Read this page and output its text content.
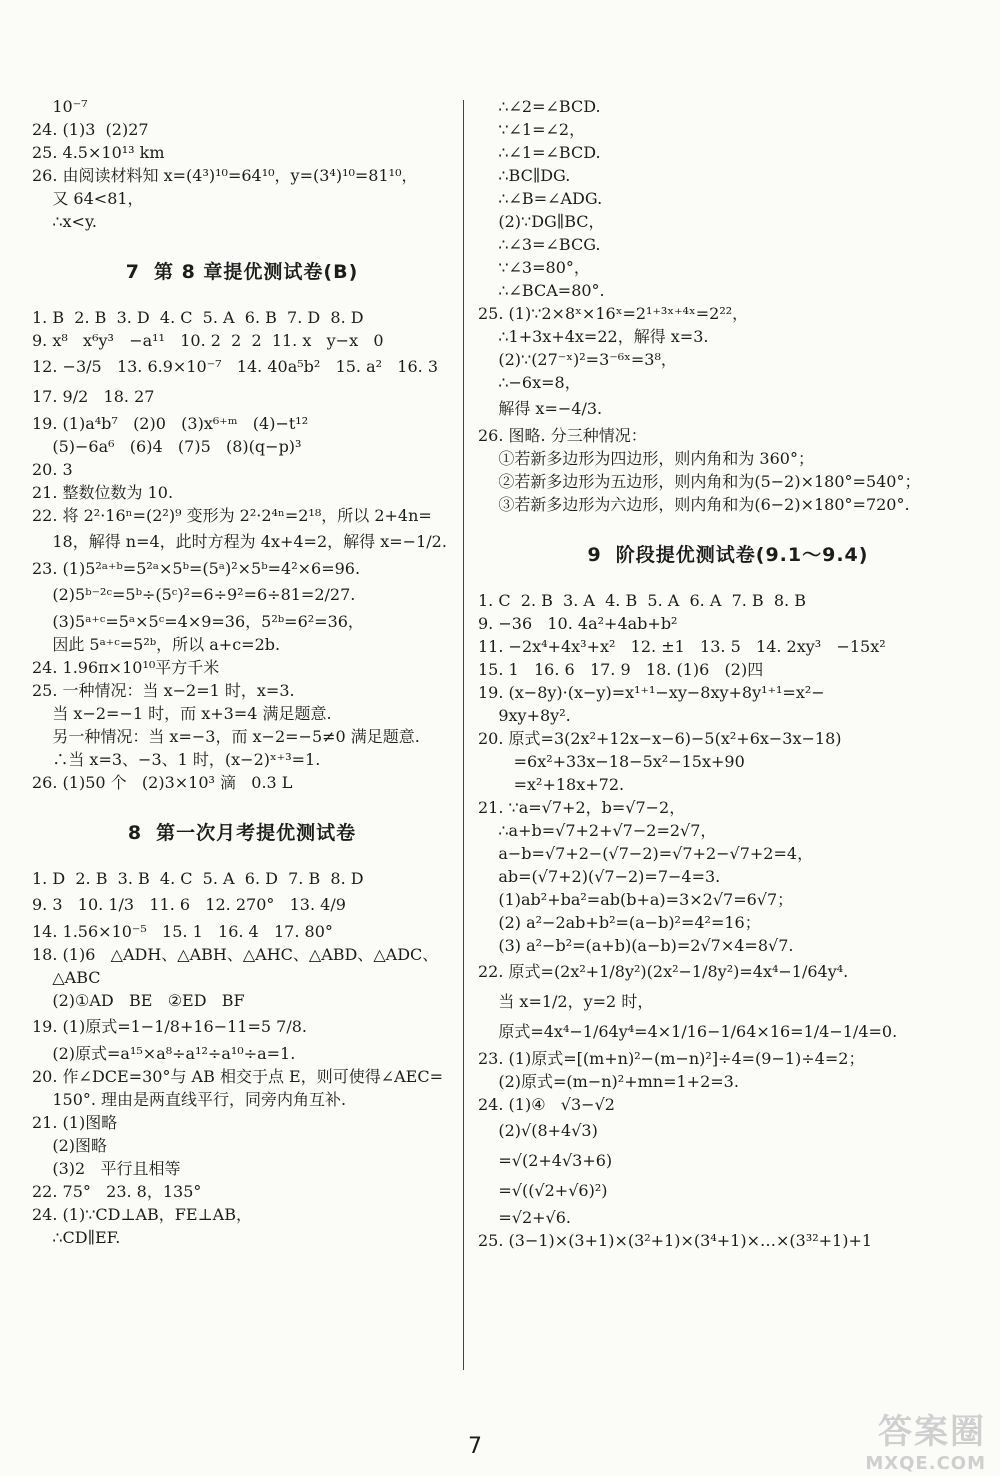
10⁻⁷
24. (1)3  (2)27
25. 4.5×10¹³ km
26. 由阅读材料知 x=(4³)¹⁰=64¹⁰，y=(3⁴)¹⁰=81¹⁰，
又 64<81，
∴x<y.
7 第 8 章提优测试卷(B)
1. B  2. B  3. D  4. C  5. A  6. B  7. D  8. D
9. x⁸   x⁶y³   −a¹¹   10. 2  2  2  11. x   y−x   0
12. −3/5   13. 6.9×10⁻⁷   14. 40a⁵b²   15. a²   16. 3
17. 9/2   18. 27
19. (1)a⁴b⁷   (2)0   (3)x⁶⁺ᵐ   (4)−t¹²
(5)−6a⁶   (6)4   (7)5   (8)(q−p)³
20. 3
21. 整数位数为 10.
22. 将 2²·16ⁿ=(2²)⁹ 变形为 2²·2⁴ⁿ=2¹⁸，所以 2+4n=
18，解得 n=4，此时方程为 4x+4=2，解得 x=−1/2.
23. (1)5²ᵃ⁺ᵇ=5²ᵃ×5ᵇ=(5ᵃ)²×5ᵇ=4²×6=96.
(2)5ᵇ⁻²ᶜ=5ᵇ÷(5ᶜ)²=6÷9²=6÷81=2/27.
(3)5ᵃ⁺ᶜ=5ᵃ×5ᶜ=4×9=36，5²ᵇ=6²=36，
因此 5ᵃ⁺ᶜ=5²ᵇ，所以 a+c=2b.
24. 1.96π×10¹⁰平方千米
25. 一种情况：当 x−2=1 时，x=3.
当 x−2=−1 时，而 x+3=4 满足题意.
另一种情况：当 x=−3，而 x−2=−5≠0 满足题意.
∴当 x=3、−3、1 时，(x−2)ˣ⁺³=1.
26. (1)50 个   (2)3×10³ 滴   0.3 L
8 第一次月考提优测试卷
1. D  2. B  3. B  4. C  5. A  6. D  7. B  8. D
9. 3   10. 1/3   11. 6   12. 270°   13. 4/9
14. 1.56×10⁻⁵   15. 1   16. 4   17. 80°
18. (1)6   △ADH、△ABH、△AHC、△ABD、△ADC、
△ABC
(2)①AD   BE   ②ED   BF
19. (1)原式=1−1/8+16−11=5 7/8.
(2)原式=a¹⁵×a⁸÷a¹²÷a¹⁰÷a=1.
20. 作∠DCE=30°与 AB 相交于点 E，则可使得∠AEC=
150°. 理由是两直线平行，同旁内角互补.
21. (1)图略
(2)图略
(3)2   平行且相等
22. 75°   23. 8，135°
24. (1)∵CD⊥AB，FE⊥AB，
∴CD∥EF.
∴∠2=∠BCD.
∵∠1=∠2，
∴∠1=∠BCD.
∴BC∥DG.
∴∠B=∠ADG.
(2)∵DG∥BC，
∴∠3=∠BCG.
∵∠3=80°，
∴∠BCA=80°.
25. (1)∵2×8ˣ×16ˣ=2¹⁺³ˣ⁺⁴ˣ=2²²，
∴1+3x+4x=22，解得 x=3.
(2)∵(27⁻ˣ)²=3⁻⁶ˣ=3⁸，
∴−6x=8，
解得 x=−4/3.
26. 图略. 分三种情况：
①若新多边形为四边形，则内角和为 360°；
②若新多边形为五边形，则内角和为(5−2)×180°=540°；
③若新多边形为六边形，则内角和为(6−2)×180°=720°.
9 阶段提优测试卷(9.1～9.4)
1. C  2. B  3. A  4. B  5. A  6. A  7. B  8. B
9. −36   10. 4a²+4ab+b²
11. −2x⁴+4x³+x²   12. ±1   13. 5   14. 2xy³   −15x²
15. 1   16. 6   17. 9   18. (1)6   (2)四
19. (x−8y)·(x−y)=x¹⁺¹−xy−8xy+8y¹⁺¹=x²−
9xy+8y².
20. 原式=3(2x²+12x−x−6)−5(x²+6x−3x−18)
=6x²+33x−18−5x²−15x+90
=x²+18x+72.
21. ∵a=√7+2，b=√7−2，
∴a+b=√7+2+√7−2=2√7，
a−b=√7+2−(√7−2)=√7+2−√7+2=4，
ab=(√7+2)(√7−2)=7−4=3.
(1)ab²+ba²=ab(b+a)=3×2√7=6√7；
(2) a²−2ab+b²=(a−b)²=4²=16；
(3) a²−b²=(a+b)(a−b)=2√7×4=8√7.
22. 原式=(2x²+1/8y²)(2x²−1/8y²)=4x⁴−1/64y⁴.
当 x=1/2，y=2 时，
原式=4x⁴−1/64y⁴=4×1/16−1/64×16=1/4−1/4=0.
23. (1)原式=[(m+n)²−(m−n)²]÷4=(9−1)÷4=2；
(2)原式=(m−n)²+mn=1+2=3.
24. (1)④   √3−√2
(2)√(8+4√3)
=√(2+4√3+6)
=√((√2+√6)²)
=√2+√6.
25. (3−1)×(3+1)×(3²+1)×(3⁴+1)×…×(3³²+1)+1
7	答案圈
MXQE.COM
